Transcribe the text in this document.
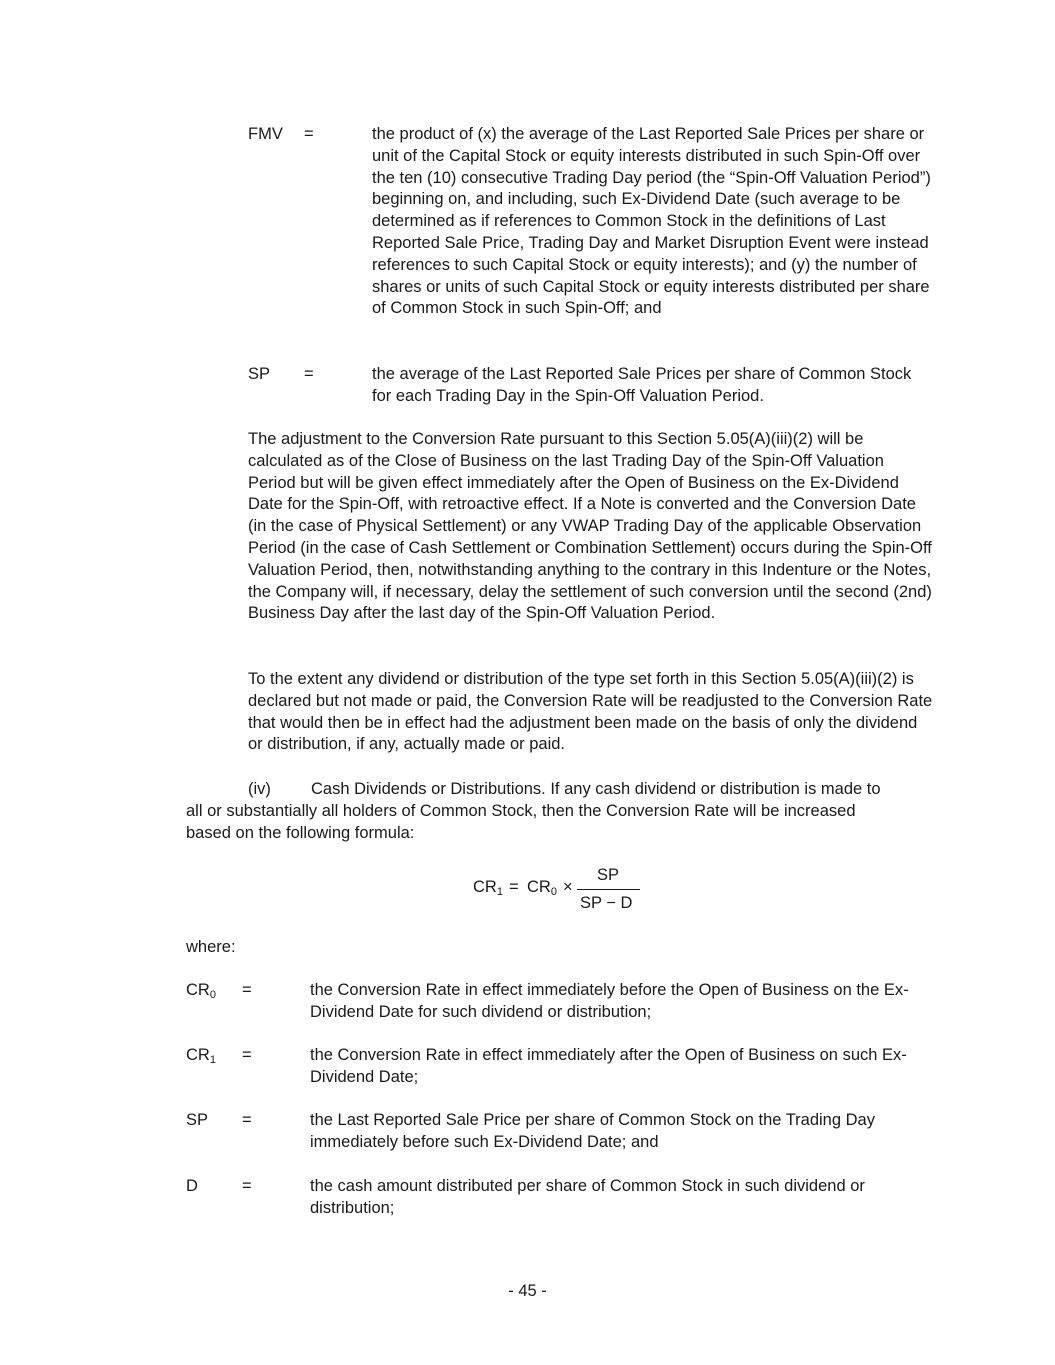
FMV =	the product of (x) the average of the Last Reported Sale Prices per share or unit of the Capital Stock or equity interests distributed in such Spin-Off over the ten (10) consecutive Trading Day period (the “Spin-Off Valuation Period”) beginning on, and including, such Ex-Dividend Date (such average to be determined as if references to Common Stock in the definitions of Last Reported Sale Price, Trading Day and Market Disruption Event were instead references to such Capital Stock or equity interests); and (y) the number of shares or units of such Capital Stock or equity interests distributed per share of Common Stock in such Spin-Off; and
SP =	the average of the Last Reported Sale Prices per share of Common Stock for each Trading Day in the Spin-Off Valuation Period.
The adjustment to the Conversion Rate pursuant to this Section 5.05(A)(iii)(2) will be calculated as of the Close of Business on the last Trading Day of the Spin-Off Valuation Period but will be given effect immediately after the Open of Business on the Ex-Dividend Date for the Spin-Off, with retroactive effect. If a Note is converted and the Conversion Date (in the case of Physical Settlement) or any VWAP Trading Day of the applicable Observation Period (in the case of Cash Settlement or Combination Settlement) occurs during the Spin-Off Valuation Period, then, notwithstanding anything to the contrary in this Indenture or the Notes, the Company will, if necessary, delay the settlement of such conversion until the second (2nd) Business Day after the last day of the Spin-Off Valuation Period.
To the extent any dividend or distribution of the type set forth in this Section 5.05(A)(iii)(2) is declared but not made or paid, the Conversion Rate will be readjusted to the Conversion Rate that would then be in effect had the adjustment been made on the basis of only the dividend or distribution, if any, actually made or paid.
(iv) Cash Dividends or Distributions. If any cash dividend or distribution is made to
all or substantially all holders of Common Stock, then the Conversion Rate will be increased
based on the following formula:
$CR_1 = CR_0$ ×
SP
SP − D
where:
$CR_0$ =	the Conversion Rate in effect immediately before the Open of Business on the Ex-Dividend Date for such dividend or distribution;
$CR_1$ =	the Conversion Rate in effect immediately after the Open of Business on such Ex-Dividend Date;
SP =	the Last Reported Sale Price per share of Common Stock on the Trading Day immediately before such Ex-Dividend Date; and
D	=	the cash amount distributed per share of Common Stock in such dividend or distribution;
- 45 -
